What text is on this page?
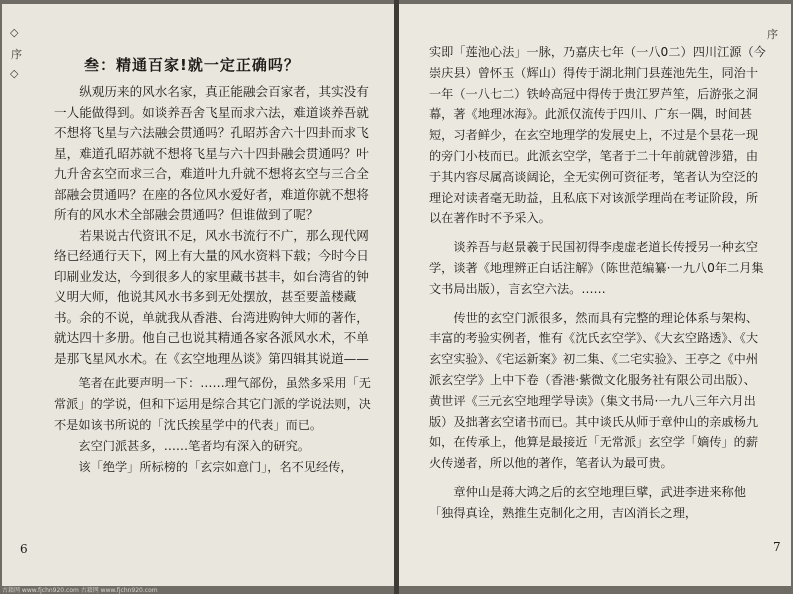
◇
序
◇	叁：精通百家!就一定正确吗？

纵观历来的风水名家，真正能融会百家者，其实没有一人能做得到。如谈养吾舍飞星而求六法，难道谈养吾就不想将飞星与六法融会贯通吗？孔昭苏舍六十四卦而求飞星，难道孔昭苏就不想将飞星与六十四卦融会贯通吗？叶九升舍玄空而求三合，难道叶九升就不想将玄空与三合全部融会贯通吗？在座的各位风水爱好者，难道你就不想将所有的风水术全部融会贯通吗？但谁做到了呢？

若果说古代资讯不足，风水书流行不广，那么现代网络已经通行天下，网上有大量的风水资料下载；今时今日印刷业发达，今到很多人的家里藏书甚丰，如台湾省的钟义明大师，他说其风水书多到无处摆放，甚至要盖楼藏书。余的不说，单就我从香港、台湾进购钟大师的著作，就达四十多册。他自己也说其精通各家各派风水术，不单是那飞星风水术。在《玄空地理丛谈》第四辑其说道——

笔者在此要声明一下：……理气部份，虽然多采用「无常派」的学说，但和下运用是综合其它门派的学说法则，决不是如该书所说的「沈氏挨星学中的代表」而已。

玄空门派甚多，……笔者均有深入的研究。

该「绝学」所标榜的「玄宗如意门」，名不见经传，

6
序

实即「莲池心法」一脉，乃嘉庆七年（一八0二）四川江源（今崇庆县）曾怀玉（辉山）得传于湖北荆门县莲池先生，同治十一年（一八七二）铁岭高冠中得传于贵江罗芦笙，后游张之洞幕，著《地理冰海》。此派仅流传于四川、广东一隅，时间甚短，习者鲜少，在玄空地理学的发展史上，不过是个昙花一现的旁门小枝而已。此派玄空学，笔者于二十年前就曾涉猎，由于其内容尽属高谈阔论，全无实例可资征考，笔者认为空泛的理论对读者毫无助益，且私底下对该派学理尚在考证阶段，所以在著作时不予采入。

谈养吾与赵景羲于民国初得李虔虚老道长传授另一种玄空学，谈著《地理辨正白话注解》（陈世范编纂·一九八0年二月集文书局出版），言玄空六法。……

传世的玄空门派很多，然而具有完整的理论体系与架构、丰富的考验实例者，惟有《沈氏玄空学》、《大玄空路透》、《大玄空实验》、《宅运新案》初二集、《二宅实验》、王亭之《中州派玄空学》上中下卷（香港·紫微文化服务社有限公司出版）、黄世评《三元玄空地理学导读》（集文书局·一九八三年六月出版）及拙著玄空诸书而已。其中谈氏从师于章仲山的亲戚杨九如，在传承上，他算是最接近「无常派」玄空学「嫡传」的薪火传递者，所以他的著作，笔者认为最可贵。

章仲山是蒋大鸿之后的玄空地理巨擘，武进李进来称他「独得真诠，熟推生克制化之用，吉凶消长之理，

7
古籍网 www.fjchn920.com 古籍网 www.fjchn920.com
